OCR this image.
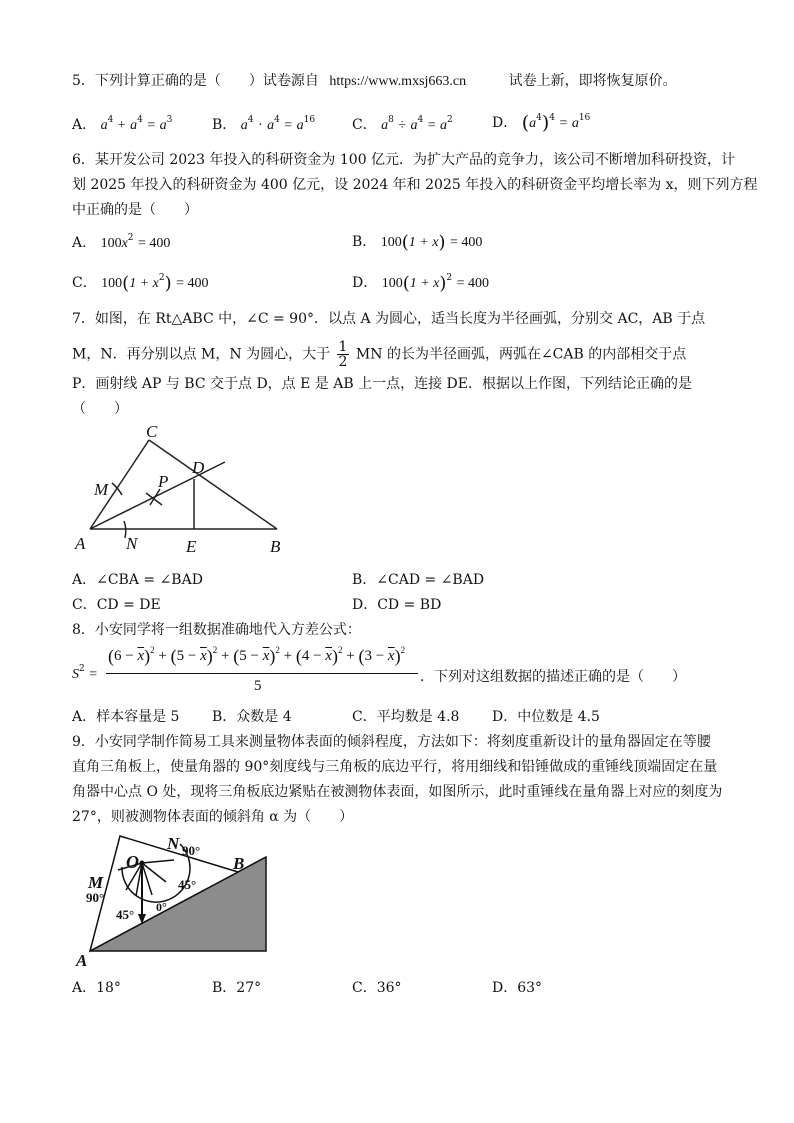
5．下列计算正确的是（　　）试卷源自 https://www.mxsj663.cn	试卷上新，即将恢复原价。
A． $a^4 + a^4 = a^3$	B． $a^4 \cdot a^4 = a^{16}$	C． $a^8 \div a^4 = a^2$	D． $(a^4)^4 = a^{16}$
6．某开发公司 2023 年投入的科研资金为 100 亿元．为扩大产品的竞争力，该公司不断增加科研投资，计
划 2025 年投入的科研资金为 400 亿元，设 2024 年和 2025 年投入的科研资金平均增长率为 x，则下列方程
中正确的是（　　）
A． $100x^2 = 400$	B． 100(1 + x) = 400
C． $100(1 + x^2) = 400$	D． $100(1 + x)^2 = 400$
7．如图，在 Rt△ABC 中，∠C = 90°．以点 A 为圆心，适当长度为半径画弧，分别交 AC，AB 于点
M，N．再分别以点 M，N 为圆心，大于 $\frac{1}{2}$ MN 的长为半径画弧，两弧在∠CAB 的内部相交于点
P．画射线 AP 与 BC 交于点 D，点 E 是 AB 上一点，连接 DE．根据以上作图，下列结论正确的是
（　　）
C
D
M	P
A N	E	B
A．∠CBA = ∠BAD	B．∠CAD = ∠BAD
C．CD = DE	D．CD = BD
8．小安同学将一组数据准确地代入方差公式：
$S^2$ =
$(6 - \overline{x})^2 + (5 - \overline{x})^2 + (5 - \overline{x})^2 + (4 - \overline{x})^2 + (3 - \overline{x})^2$
5
．下列对这组数据的描述正确的是（　　）
A．样本容量是 5 B．众数是 4	C．平均数是 4.8 D．中位数是 4.5
9．小安同学制作简易工具来测量物体表面的倾斜程度，方法如下：将刻度重新设计的量角器固定在等腰
直角三角板上，使量角器的 90°刻度线与三角板的底边平行，将用细线和铅锤做成的重锤线顶端固定在量
角器中心点 O 处，现将三角板底边紧贴在被测物体表面，如图所示，此时重锤线在量角器上对应的刻度为
27°，则被测物体表面的倾斜角 α 为（　　）
N 90°
O	B
M
90°
45°
45° 0°
A
A．18°	B．27°	C．36°	D．63°
